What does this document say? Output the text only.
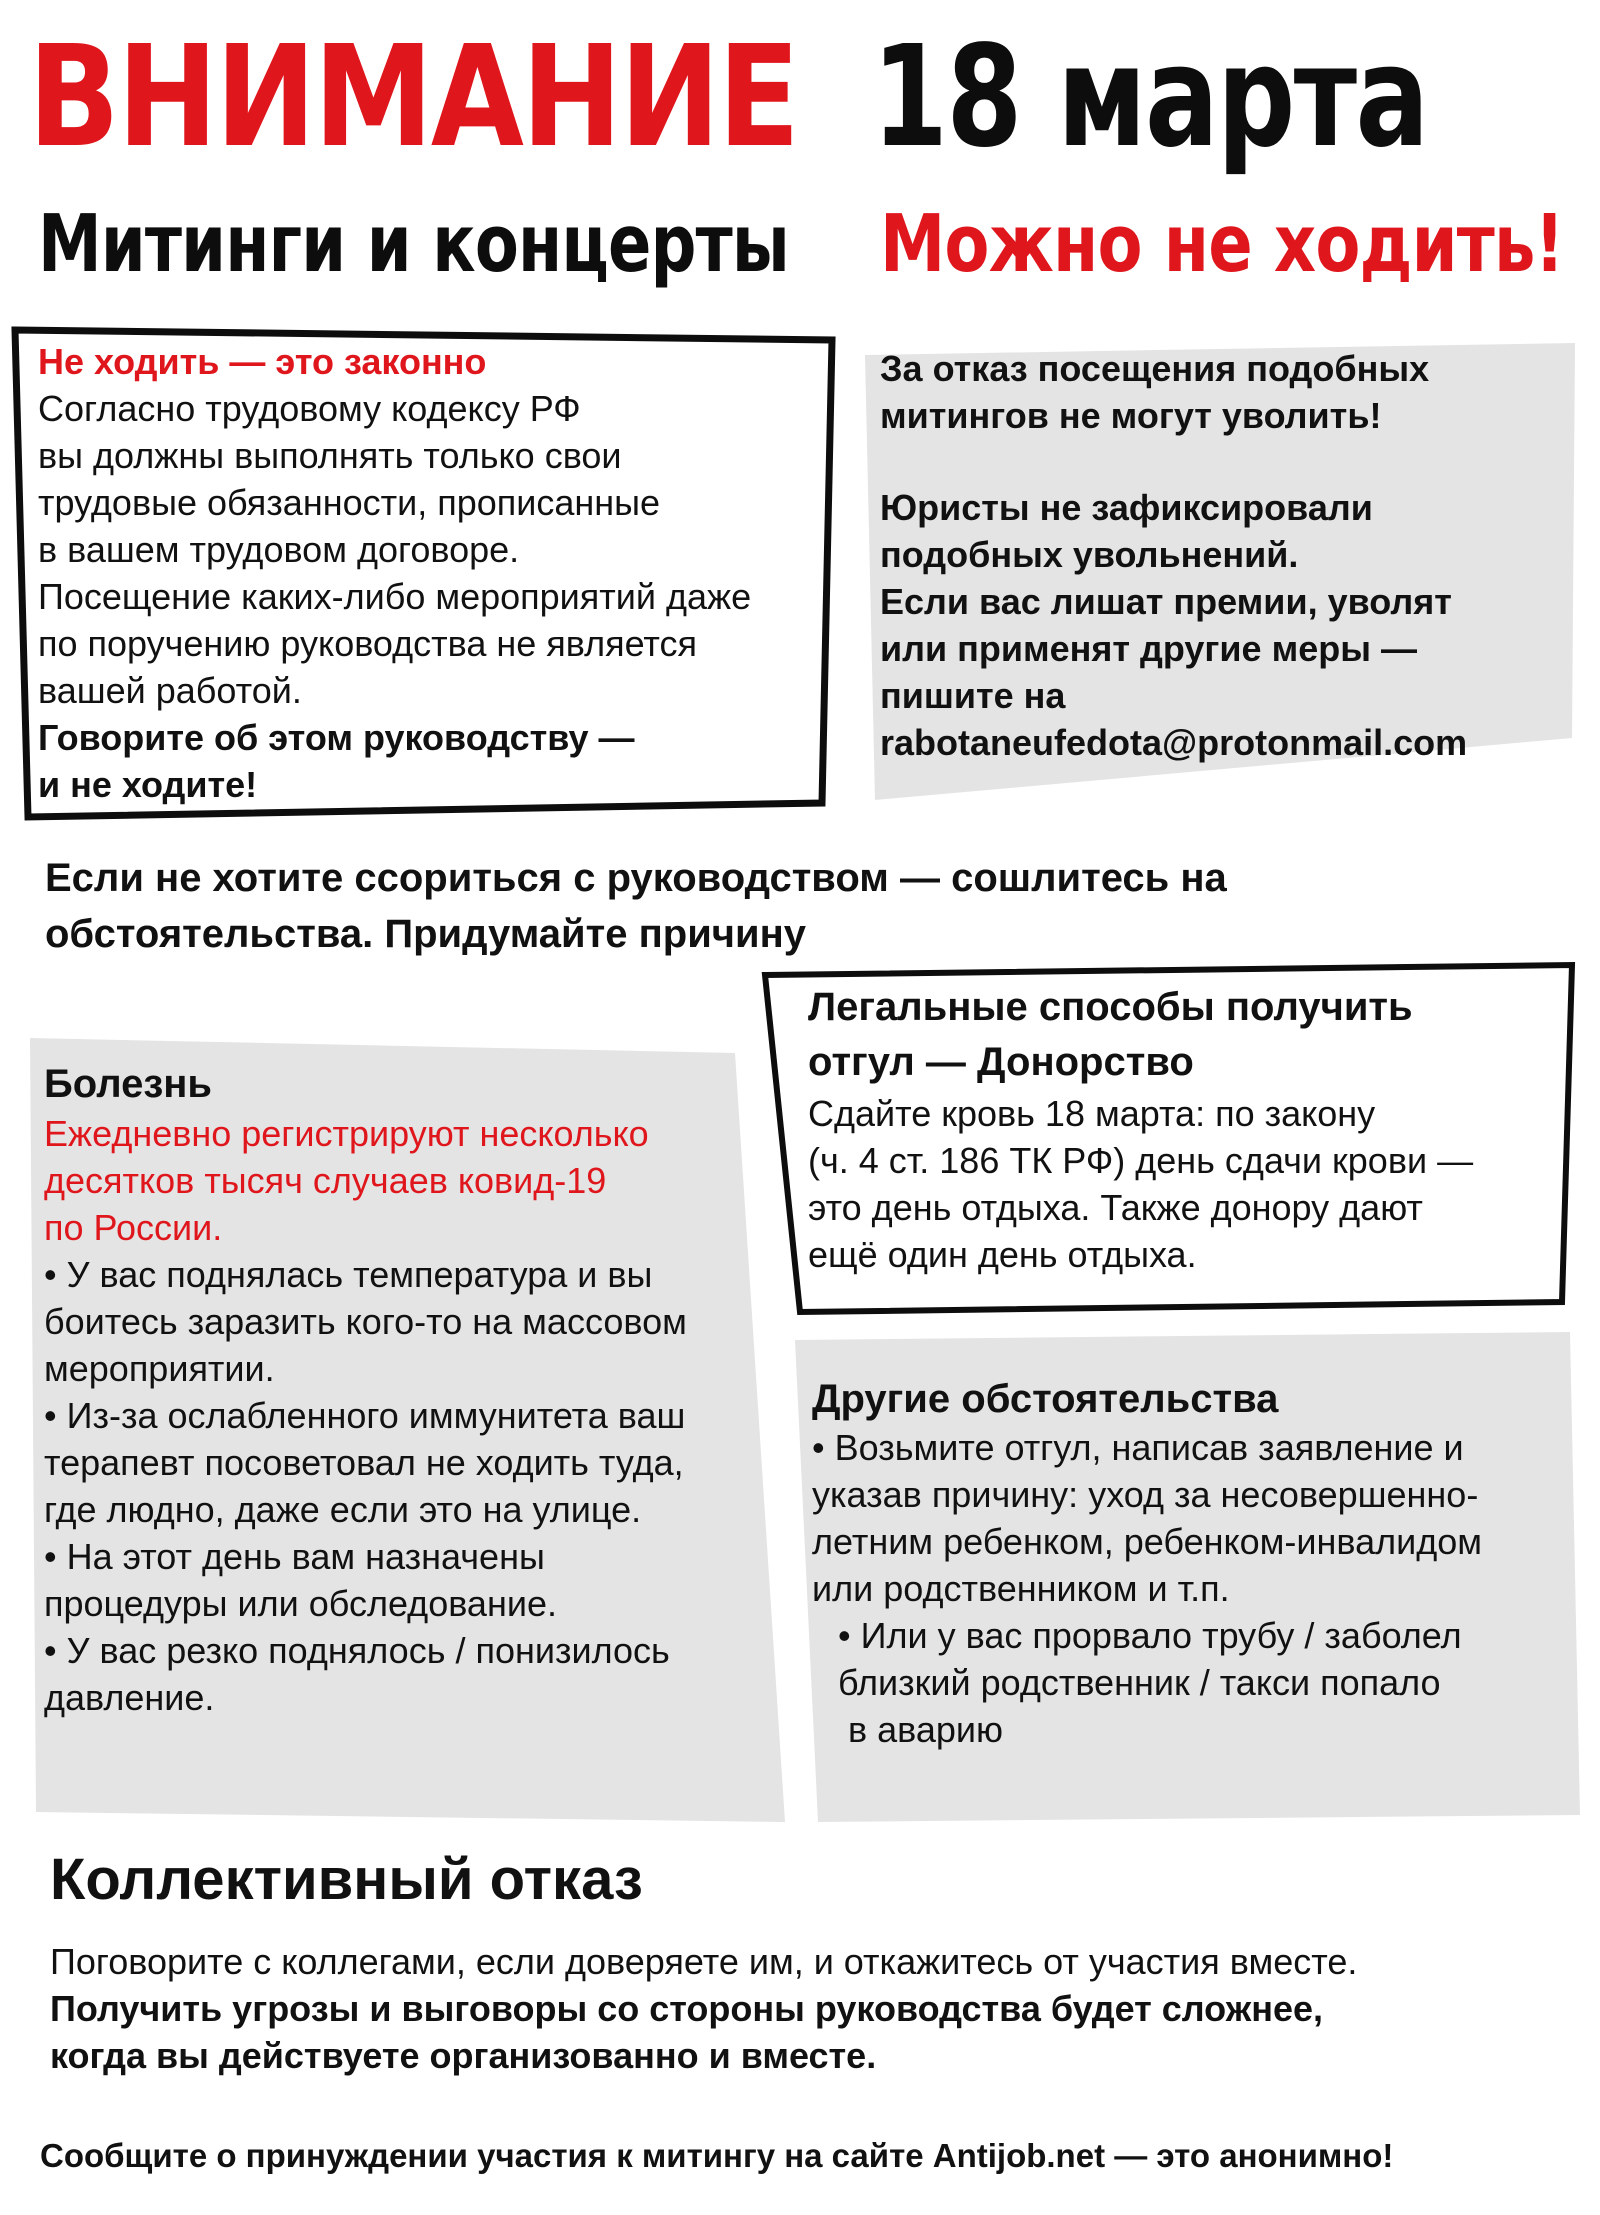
ВНИМАНИЕ 18 марта
Митинги и концерты Можно не ходить!
Не ходить — это законно
Согласно трудовому кодексу РФ
вы должны выполнять только свои
трудовые обязанности, прописанные
в вашем трудовом договоре.
Посещение каких-либо мероприятий даже
по поручению руководства не является
вашей работой.
Говорите об этом руководству —
и не ходите!
За отказ посещения подобных
митингов не могут уволить!
Юристы не зафиксировали
подобных увольнений.
Если вас лишат премии, уволят
или применят другие меры —
пишите на
rabotaneufedota@protonmail.com
Если не хотите ссориться с руководством — сошлитесь на
обстоятельства. Придумайте причину
Болезнь
Ежедневно регистрируют несколько
десятков тысяч случаев ковид-19
по России.
• У вас поднялась температура и вы
боитесь заразить кого-то на массовом
мероприятии.
• Из-за ослабленного иммунитета ваш
терапевт посоветовал не ходить туда,
где людно, даже если это на улице.
• На этот день вам назначены
процедуры или обследование.
• У вас резко поднялось / понизилось
давление.
Легальные способы получить
отгул — Донорство
Сдайте кровь 18 марта: по закону
(ч. 4 ст. 186 ТК РФ) день сдачи крови —
это день отдыха. Также донору дают
ещё один день отдыха.
Другие обстоятельства
• Возьмите отгул, написав заявление и
указав причину: уход за несовершенно-
летним ребенком, ребенком-инвалидом
или родственником и т.п.
• Или у вас прорвало трубу / заболел
близкий родственник / такси попало
в аварию
Коллективный отказ
Поговорите с коллегами, если доверяете им, и откажитесь от участия вместе.
Получить угрозы и выговоры со стороны руководства будет сложнее,
когда вы действуете организованно и вместе.
Сообщите о принуждении участия к митингу на сайте Antijob.net — это анонимно!
